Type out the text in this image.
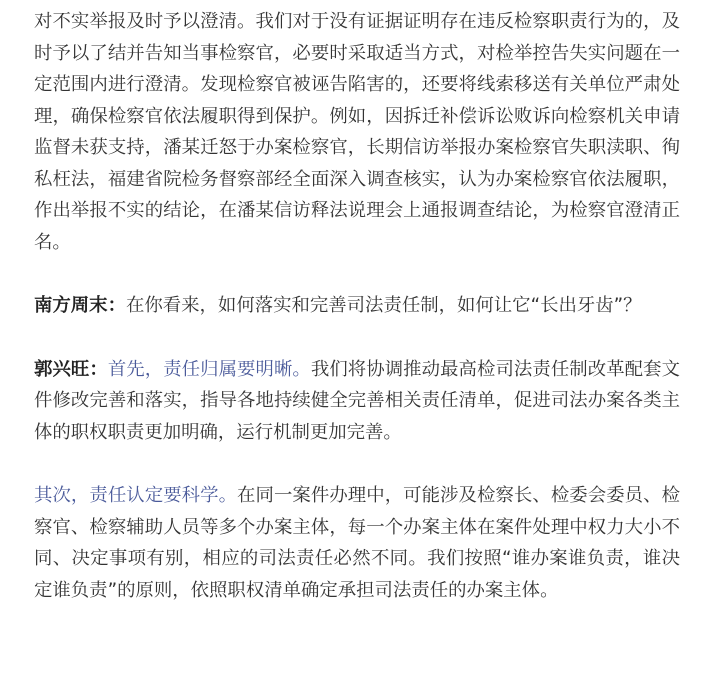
对不实举报及时予以澄清。我们对于没有证据证明存在违反检察职责行为的，及时予以了结并告知当事检察官，必要时采取适当方式，对检举控告失实问题在一定范围内进行澄清。发现检察官被诬告陷害的，还要将线索移送有关单位严肃处理，确保检察官依法履职得到保护。例如，因拆迁补偿诉讼败诉向检察机关申请监督未获支持，潘某迁怒于办案检察官，长期信访举报办案检察官失职渎职、徇私枉法，福建省院检务督察部经全面深入调查核实，认为办案检察官依法履职，作出举报不实的结论，在潘某信访释法说理会上通报调查结论，为检察官澄清正名。

南方周末：在你看来，如何落实和完善司法责任制，如何让它“长出牙齿”？

郭兴旺：首先，责任归属要明晰。我们将协调推动最高检司法责任制改革配套文件修改完善和落实，指导各地持续健全完善相关责任清单，促进司法办案各类主体的职权职责更加明确，运行机制更加完善。

其次，责任认定要科学。在同一案件办理中，可能涉及检察长、检委会委员、检察官、检察辅助人员等多个办案主体，每一个办案主体在案件处理中权力大小不同、决定事项有别，相应的司法责任必然不同。我们按照“谁办案谁负责，谁决定谁负责”的原则，依照职权清单确定承担司法责任的办案主体。
